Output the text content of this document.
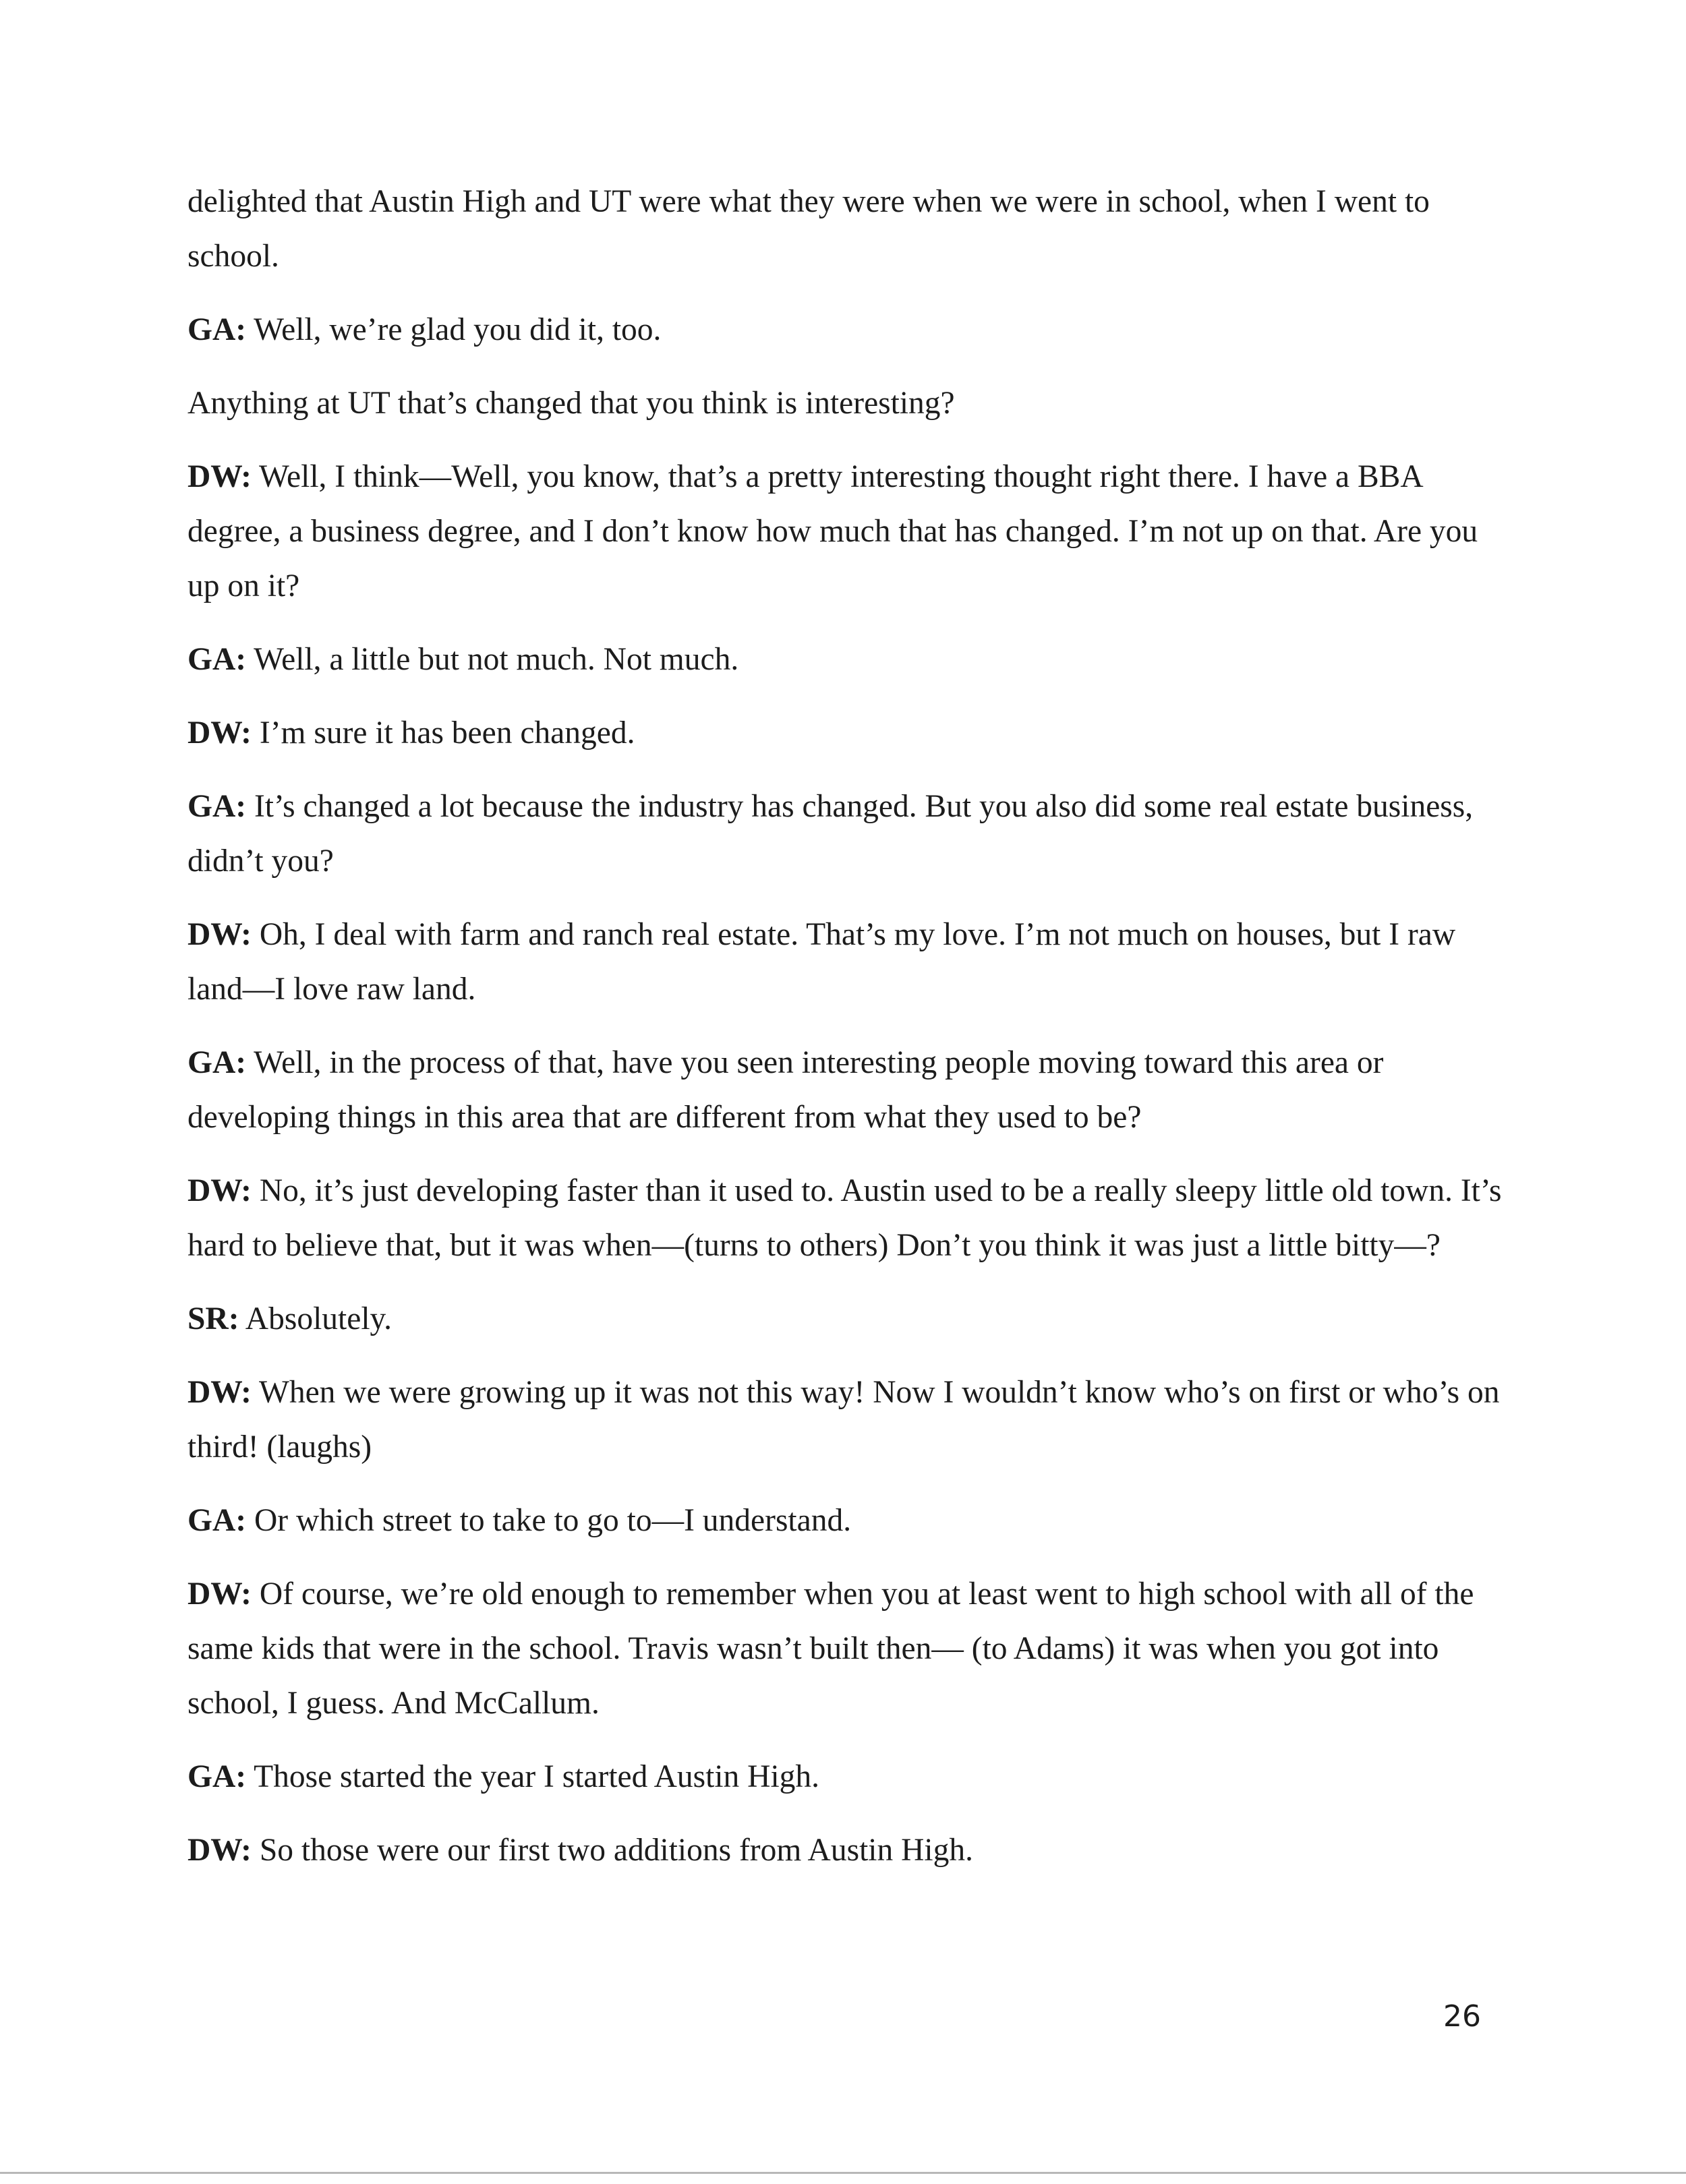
delighted that Austin High and UT were what they were when we were in school, when I went to school.

GA: Well, we’re glad you did it, too.

Anything at UT that’s changed that you think is interesting?

DW: Well, I think—Well, you know, that’s a pretty interesting thought right there. I have a BBA degree, a business degree, and I don’t know how much that has changed. I’m not up on that. Are you up on it?

GA: Well, a little but not much. Not much.

DW: I’m sure it has been changed.

GA: It’s changed a lot because the industry has changed. But you also did some real estate business, didn’t you?

DW: Oh, I deal with farm and ranch real estate. That’s my love. I’m not much on houses, but I raw land—I love raw land.

GA: Well, in the process of that, have you seen interesting people moving toward this area or developing things in this area that are different from what they used to be?

DW: No, it’s just developing faster than it used to. Austin used to be a really sleepy little old town. It’s hard to believe that, but it was when—(turns to others) Don’t you think it was just a little bitty—?

SR: Absolutely.

DW: When we were growing up it was not this way! Now I wouldn’t know who’s on first or who’s on third! (laughs)

GA: Or which street to take to go to—I understand.

DW: Of course, we’re old enough to remember when you at least went to high school with all of the same kids that were in the school. Travis wasn’t built then— (to Adams) it was when you got into school, I guess. And McCallum.

GA: Those started the year I started Austin High.

DW: So those were our first two additions from Austin High.

26
